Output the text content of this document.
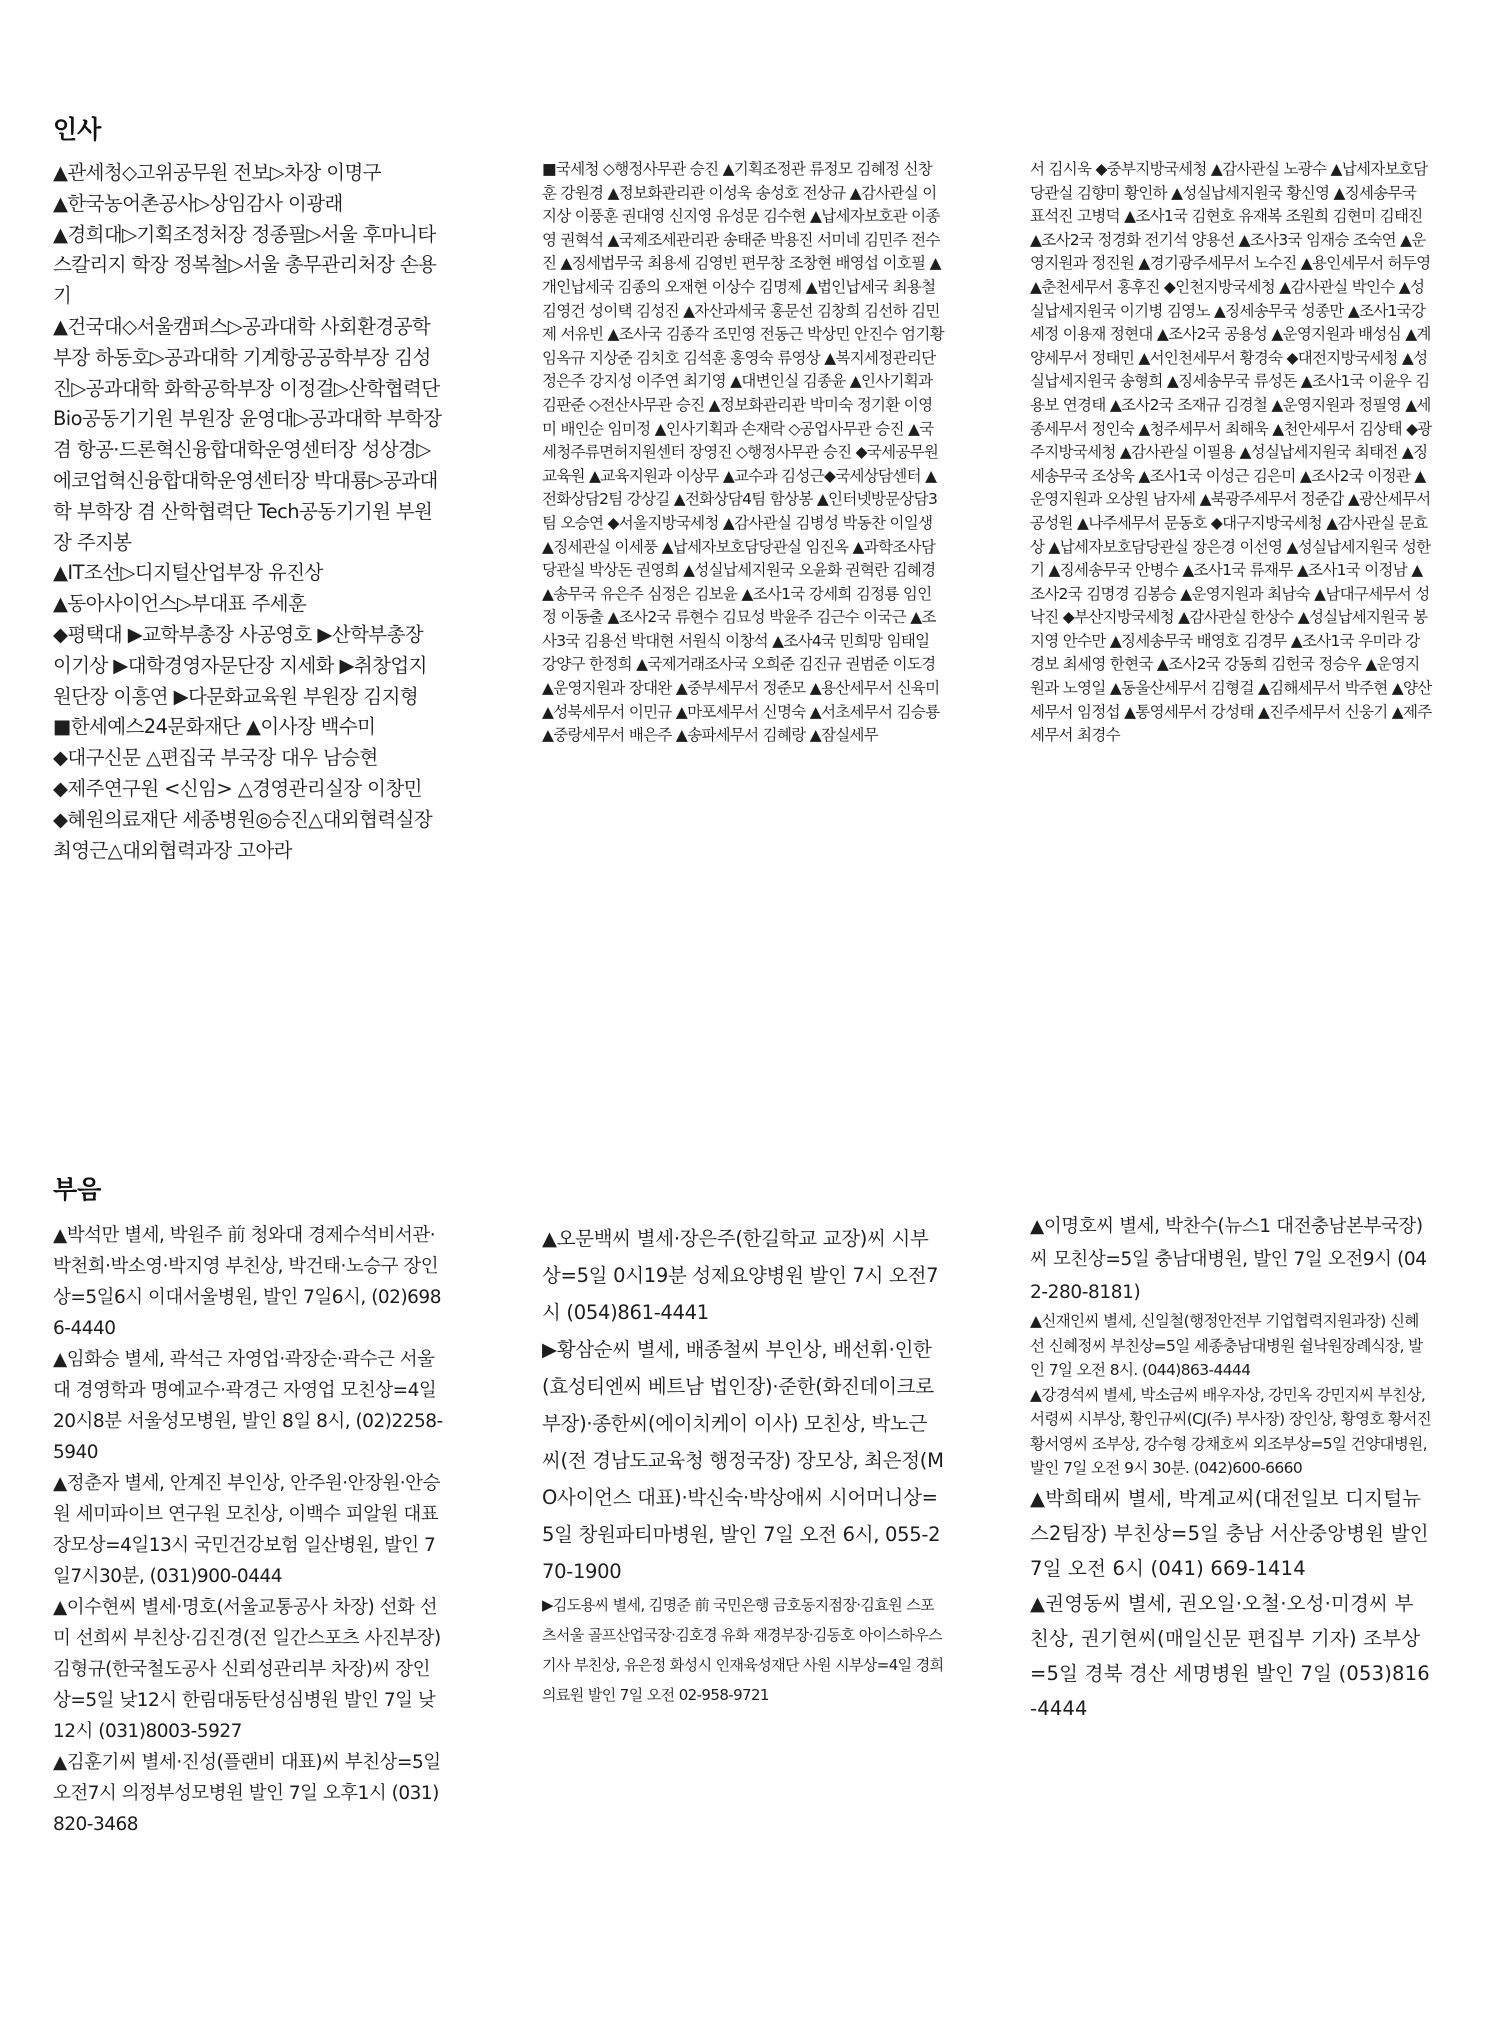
인사

▲관세청◇고위공무원 전보▷차장 이명구

▲한국농어촌공사▷상임감사 이광래

▲경희대▷기획조정처장 정종필▷서울 후마니타스칼리지 학장 정복철▷서울 총무관리처장 손용기

▲건국대◇서울캠퍼스▷공과대학 사회환경공학부장 하동호▷공과대학 기계항공공학부장 김성진▷공과대학 화학공학부장 이정걸▷산학협력단 Bio공동기기원 부원장 윤영대▷공과대학 부학장 겸 항공·드론혁신융합대학운영센터장 성상경▷에코업혁신융합대학운영센터장 박대룡▷공과대학 부학장 겸 산학협력단 Tech공동기기원 부원장 주지봉

▲IT조선▷디지털산업부장 유진상

▲동아사이언스▷부대표 주세훈

◆평택대 ▶교학부총장 사공영호 ▶산학부총장 이기상 ▶대학경영자문단장 지세화 ▶취창업지원단장 이흥연 ▶다문화교육원 부원장 김지형

■한세예스24문화재단 ▲이사장 백수미

◆대구신문 △편집국 부국장 대우 남승현

◆제주연구원 <신임> △경영관리실장 이창민

◆혜원의료재단 세종병원◎승진△대외협력실장 최영근△대외협력과장 고아라

■국세청 ◇행정사무관 승진 ▲기획조정관 류정모 김혜정 신창훈 강원경 ▲정보화관리관 이성욱 송성호 전상규 ▲감사관실 이지상 이풍훈 권대영 신지영 유성문 김수현 ▲납세자보호관 이종영 권혁석 ▲국제조세관리관 송태준 박용진 서미네 김민주 전수진 ▲징세법무국 최용세 김영빈 편무창 조창현 배영섭 이호필 ▲개인납세국 김종의 오재현 이상수 김명제 ▲법인납세국 최용철 김영건 성이택 김성진 ▲자산과세국 홍문선 김창희 김선하 김민제 서유빈 ▲조사국 김종각 조민영 전동근 박상민 안진수 엄기황 임옥규 지상준 김치호 김석훈 홍영숙 류영상 ▲복지세정관리단 정은주 강지성 이주연 최기영 ▲대변인실 김종윤 ▲인사기획과 김판준 ◇전산사무관 승진 ▲정보화관리관 박미숙 정기환 이영미 배인순 임미정 ▲인사기획과 손재락 ◇공업사무관 승진 ▲국세청주류면허지원센터 장영진 ◇행정사무관 승진 ◆국세공무원교육원 ▲교육지원과 이상무 ▲교수과 김성근◆국세상담센터 ▲전화상담2팀 강상길 ▲전화상담4팀 함상봉 ▲인터넷방문상담3팀 오승연 ◆서울지방국세청 ▲감사관실 김병성 박동찬 이일생 ▲징세관실 이세풍 ▲납세자보호담당관실 임진옥 ▲과학조사담당관실 박상돈 권영희 ▲성실납세지원국 오윤화 권혁란 김혜경 ▲송무국 유은주 심정은 김보윤 ▲조사1국 강세희 김정룡 임인정 이동출 ▲조사2국 류현수 김묘성 박윤주 김근수 이국근 ▲조사3국 김용선 박대현 서원식 이창석 ▲조사4국 민희망 임태일 강양구 한정희 ▲국제거래조사국 오희준 김진규 권범준 이도경 ▲운영지원과 장대완 ▲중부세무서 정준모 ▲용산세무서 신육미 ▲성북세무서 이민규 ▲마포세무서 신명숙 ▲서초세무서 김승룡 ▲중랑세무서 배은주 ▲송파세무서 김혜랑 ▲잠실세무

서 김시욱 ◆중부지방국세청 ▲감사관실 노광수 ▲납세자보호담당관실 김향미 황인하 ▲성실납세지원국 황신영 ▲징세송무국 표석진 고병덕 ▲조사1국 김현호 유재복 조원희 김현미 김태진 ▲조사2국 정경화 전기석 양용선 ▲조사3국 임재승 조숙연 ▲운영지원과 정진원 ▲경기광주세무서 노수진 ▲용인세무서 허두영 ▲춘천세무서 홍후진 ◆인천지방국세청 ▲감사관실 박인수 ▲성실납세지원국 이기병 김영노 ▲징세송무국 성종만 ▲조사1국강세정 이용재 정현대 ▲조사2국 공용성 ▲운영지원과 배성심 ▲계양세무서 정태민 ▲서인천세무서 황경숙 ◆대전지방국세청 ▲성실납세지원국 송형희 ▲징세송무국 류성돈 ▲조사1국 이윤우 김용보 연경태 ▲조사2국 조재규 김경철 ▲운영지원과 정필영 ▲세종세무서 정인숙 ▲청주세무서 최해욱 ▲천안세무서 김상태 ◆광주지방국세청 ▲감사관실 이필용 ▲성실납세지원국 최태전 ▲징세송무국 조상욱 ▲조사1국 이성근 김은미 ▲조사2국 이정관 ▲운영지원과 오상원 남자세 ▲북광주세무서 정준갑 ▲광산세무서 공성원 ▲나주세무서 문동호 ◆대구지방국세청 ▲감사관실 문효상 ▲납세자보호담당관실 장은경 이선영 ▲성실납세지원국 성한기 ▲징세송무국 안병수 ▲조사1국 류재무 ▲조사1국 이정남 ▲조사2국 김명경 김봉승 ▲운영지원과 최남숙 ▲남대구세무서 성낙진 ◆부산지방국세청 ▲감사관실 한상수 ▲성실납세지원국 봉지영 안수만 ▲징세송무국 배영호 김경무 ▲조사1국 우미라 강경보 최세영 한현국 ▲조사2국 강동희 김헌국 정승우 ▲운영지원과 노영일 ▲동울산세무서 김형걸 ▲김해세무서 박주현 ▲양산세무서 임정섭 ▲통영세무서 강성태 ▲진주세무서 신웅기 ▲제주세무서 최경수

부음

▲박석만 별세, 박원주 前 청와대 경제수석비서관·박천희·박소영·박지영 부친상, 박건태·노승구 장인상=5일6시 이대서울병원, 발인 7일6시, (02)6986-4440

▲임화승 별세, 곽석근 자영업·곽장순·곽수근 서울대 경영학과 명예교수·곽경근 자영업 모친상=4일20시8분 서울성모병원, 발인 8일 8시, (02)2258-5940

▲정춘자 별세, 안계진 부인상, 안주원·안장원·안승원 세미파이브 연구원 모친상, 이백수 피알원 대표 장모상=4일13시 국민건강보험 일산병원, 발인 7일7시30분, (031)900-0444

▲이수현씨 별세·명호(서울교통공사 차장) 선화 선미 선희씨 부친상·김진경(전 일간스포츠 사진부장) 김형규(한국철도공사 신뢰성관리부 차장)씨 장인상=5일 낮12시 한림대동탄성심병원 발인 7일 낮12시 (031)8003-5927

▲김훈기씨 별세·진성(플랜비 대표)씨 부친상=5일 오전7시 의정부성모병원 발인 7일 오후1시 (031)820-3468

▲오문백씨 별세·장은주(한길학교 교장)씨 시부상=5일 0시19분 성제요양병원 발인 7시 오전7시 (054)861-4441

▶황삼순씨 별세, 배종철씨 부인상, 배선휘·인한(효성티엔씨 베트남 법인장)·준한(화진데이크로 부장)·종한씨(에이치케이 이사) 모친상, 박노근씨(전 경남도교육청 행정국장) 장모상, 최은정(MO사이언스 대표)·박신숙·박상애씨 시어머니상=5일 창원파티마병원, 발인 7일 오전 6시, 055-270-1900

▶김도용씨 별세, 김명준 前 국민은행 금호동지점장·김효원 스포츠서울 골프산업국장·김호경 유화 재경부장·김동호 아이스하우스 기사 부친상, 유은정 화성시 인재육성재단 사원 시부상=4일 경희의료원 발인 7일 오전 02-958-9721

▲이명호씨 별세, 박찬수(뉴스1 대전충남본부국장)씨 모친상=5일 충남대병원, 발인 7일 오전9시 (042-280-8181)

▲신재인씨 별세, 신일철(행정안전부 기업협력지원과장) 신혜선 신혜정씨 부친상=5일 세종충남대병원 쉴낙원장례식장, 발인 7일 오전 8시. (044)863-4444

▲강경석씨 별세, 박소금씨 배우자상, 강민옥 강민지씨 부친상, 서령씨 시부상, 황인규씨(CJ(주) 부사장) 장인상, 황영호 황서진 황서영씨 조부상, 강수형 강채호씨 외조부상=5일 건양대병원, 발인 7일 오전 9시 30분. (042)600-6660

▲박희태씨 별세, 박계교씨(대전일보 디지털뉴스2팀장) 부친상=5일 충남 서산중앙병원 발인 7일 오전 6시 (041) 669-1414

▲권영동씨 별세, 권오일·오철·오성·미경씨 부친상, 권기현씨(매일신문 편집부 기자) 조부상=5일 경북 경산 세명병원 발인 7일 (053)816-4444
